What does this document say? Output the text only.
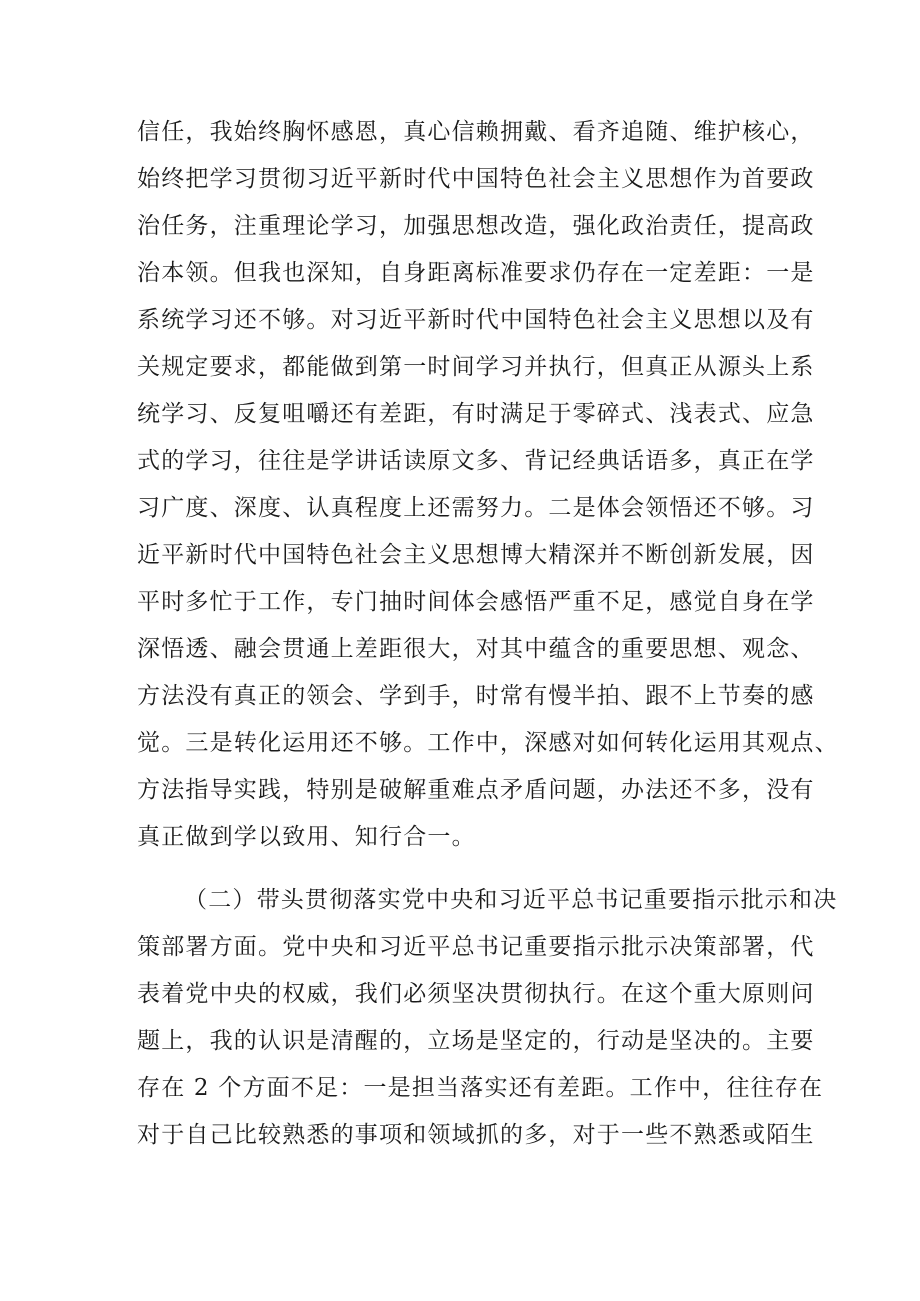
信任，我始终胸怀感恩，真心信赖拥戴、看齐追随、维护核心，
始终把学习贯彻习近平新时代中国特色社会主义思想作为首要政
治任务，注重理论学习，加强思想改造，强化政治责任，提高政
治本领。但我也深知，自身距离标准要求仍存在一定差距：一是
系统学习还不够。对习近平新时代中国特色社会主义思想以及有
关规定要求，都能做到第一时间学习并执行，但真正从源头上系
统学习、反复咀嚼还有差距，有时满足于零碎式、浅表式、应急
式的学习，往往是学讲话读原文多、背记经典话语多，真正在学
习广度、深度、认真程度上还需努力。二是体会领悟还不够。习
近平新时代中国特色社会主义思想博大精深并不断创新发展，因
平时多忙于工作，专门抽时间体会感悟严重不足，感觉自身在学
深悟透、融会贯通上差距很大，对其中蕴含的重要思想、观念、
方法没有真正的领会、学到手，时常有慢半拍、跟不上节奏的感
觉。三是转化运用还不够。工作中，深感对如何转化运用其观点、
方法指导实践，特别是破解重难点矛盾问题，办法还不多，没有
真正做到学以致用、知行合一。
（二）带头贯彻落实党中央和习近平总书记重要指示批示和决
策部署方面。党中央和习近平总书记重要指示批示决策部署，代
表着党中央的权威，我们必须坚决贯彻执行。在这个重大原则问
题上，我的认识是清醒的，立场是坚定的，行动是坚决的。主要
存在 2 个方面不足：一是担当落实还有差距。工作中，往往存在
对于自己比较熟悉的事项和领域抓的多，对于一些不熟悉或陌生
